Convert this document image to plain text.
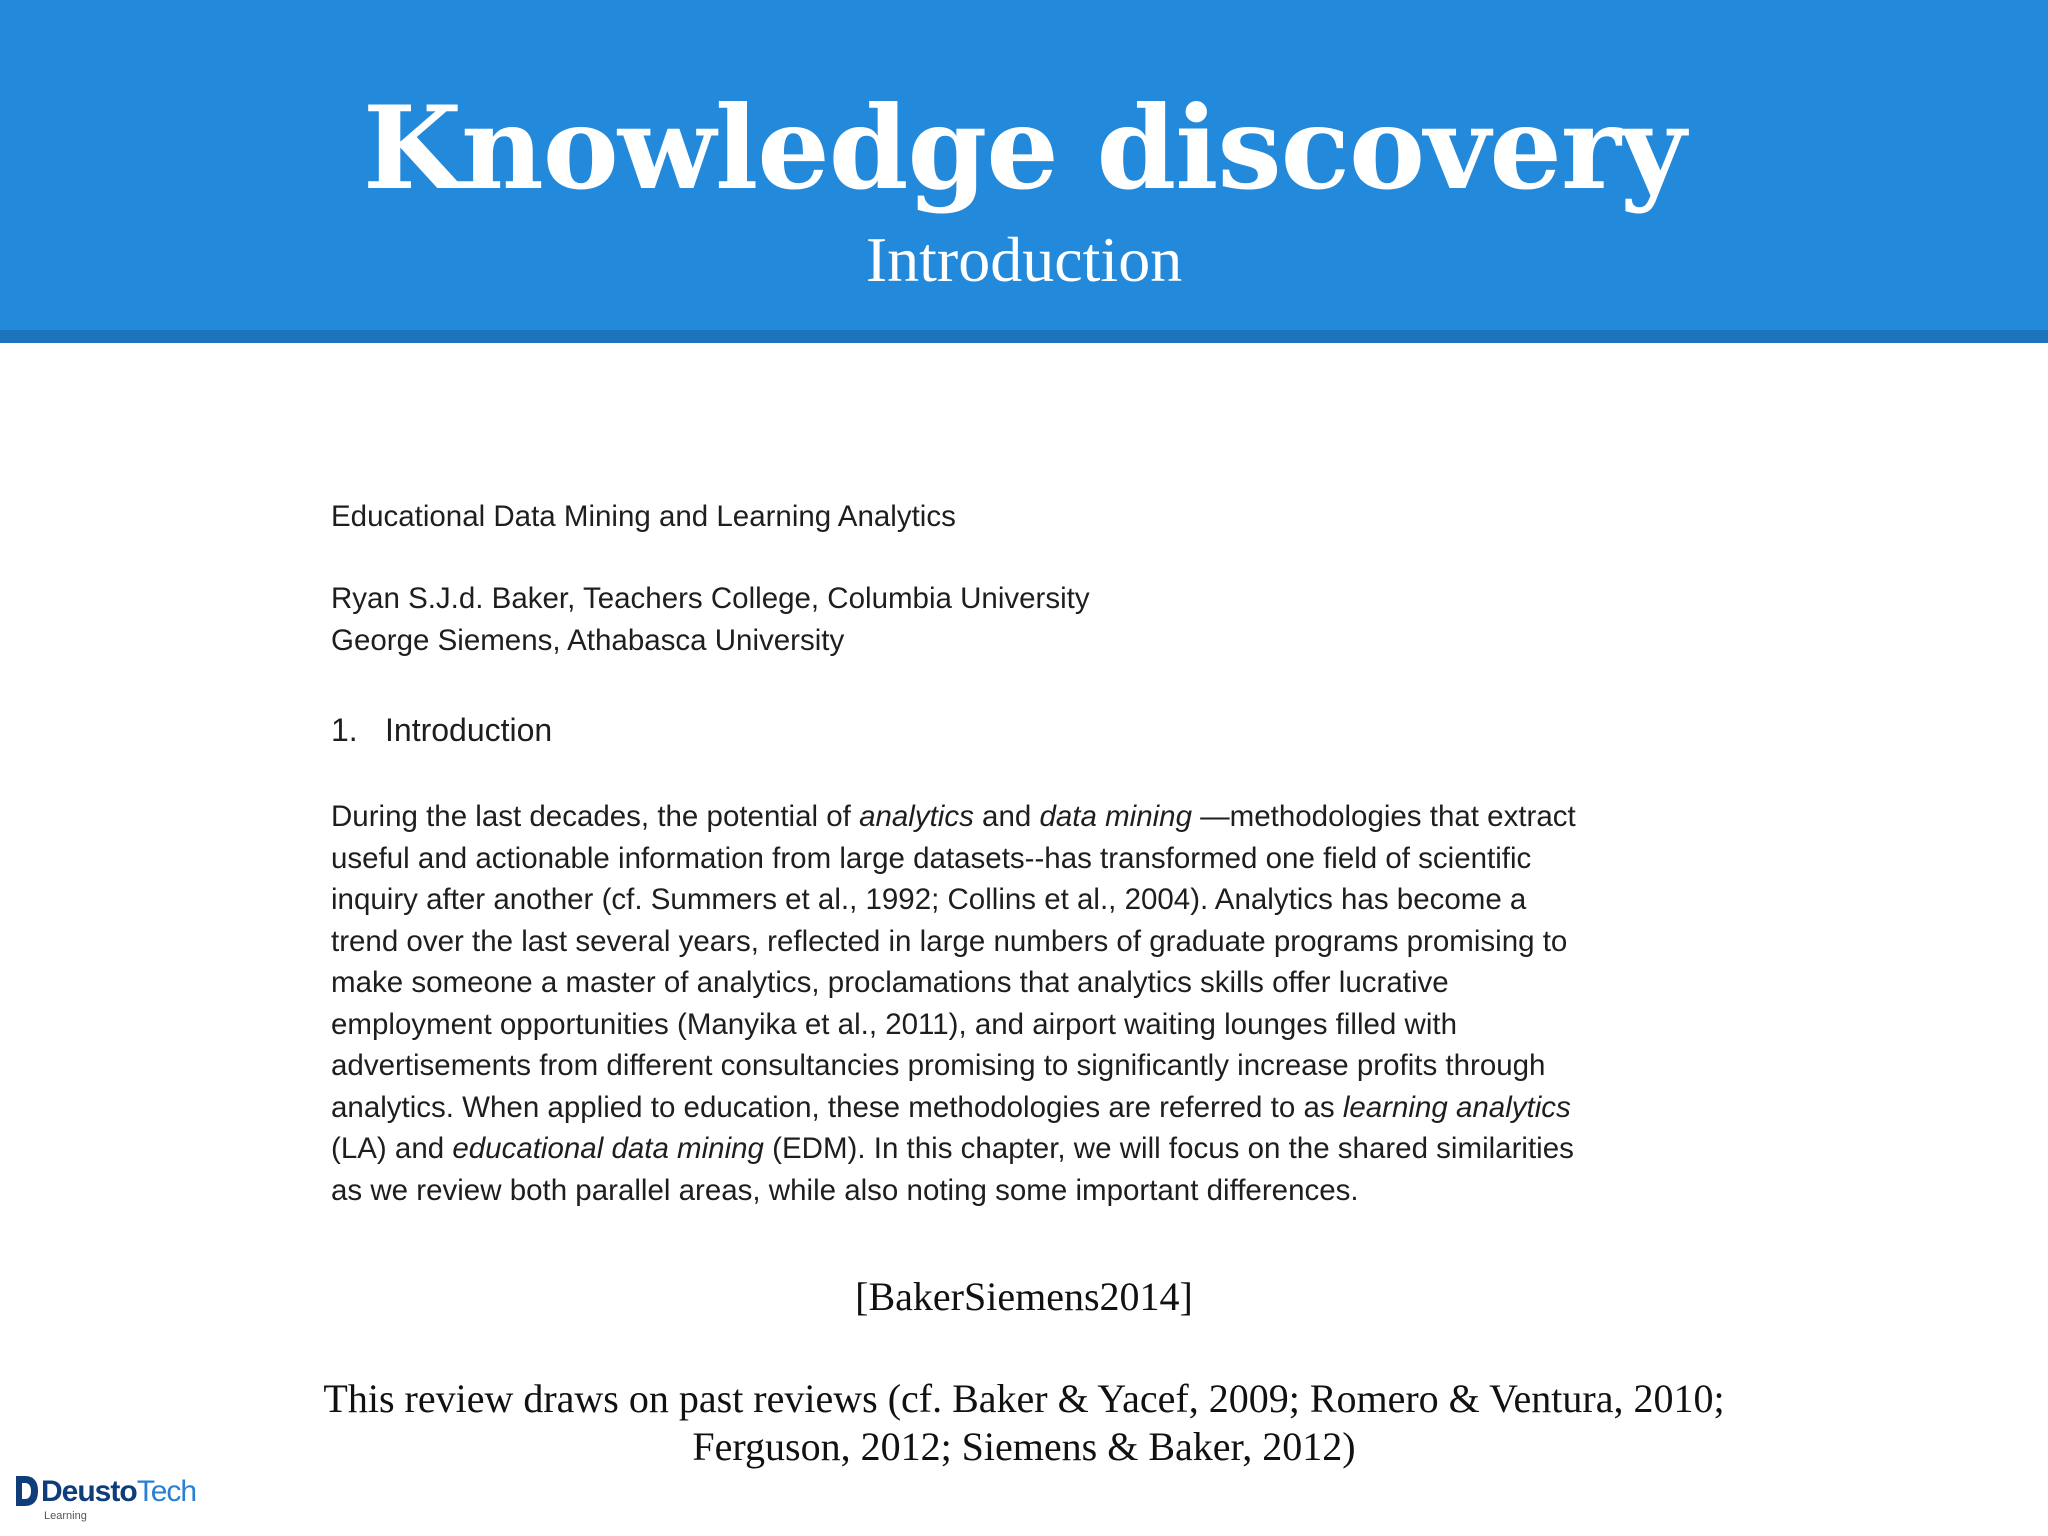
Knowledge discovery
Introduction
Educational Data Mining and Learning Analytics
Ryan S.J.d. Baker, Teachers College, Columbia University
George Siemens, Athabasca University
1. Introduction
During the last decades, the potential of analytics and data mining —methodologies that extract
useful and actionable information from large datasets--has transformed one field of scientific
inquiry after another (cf. Summers et al., 1992; Collins et al., 2004). Analytics has become a
trend over the last several years, reflected in large numbers of graduate programs promising to
make someone a master of analytics, proclamations that analytics skills offer lucrative
employment opportunities (Manyika et al., 2011), and airport waiting lounges filled with
advertisements from different consultancies promising to significantly increase profits through
analytics. When applied to education, these methodologies are referred to as learning analytics
(LA) and educational data mining (EDM). In this chapter, we will focus on the shared similarities
as we review both parallel areas, while also noting some important differences.
[BakerSiemens2014]
This review draws on past reviews (cf. Baker & Yacef, 2009; Romero & Ventura, 2010;
Ferguson, 2012; Siemens & Baker, 2012)
DeustoTech
Learning
